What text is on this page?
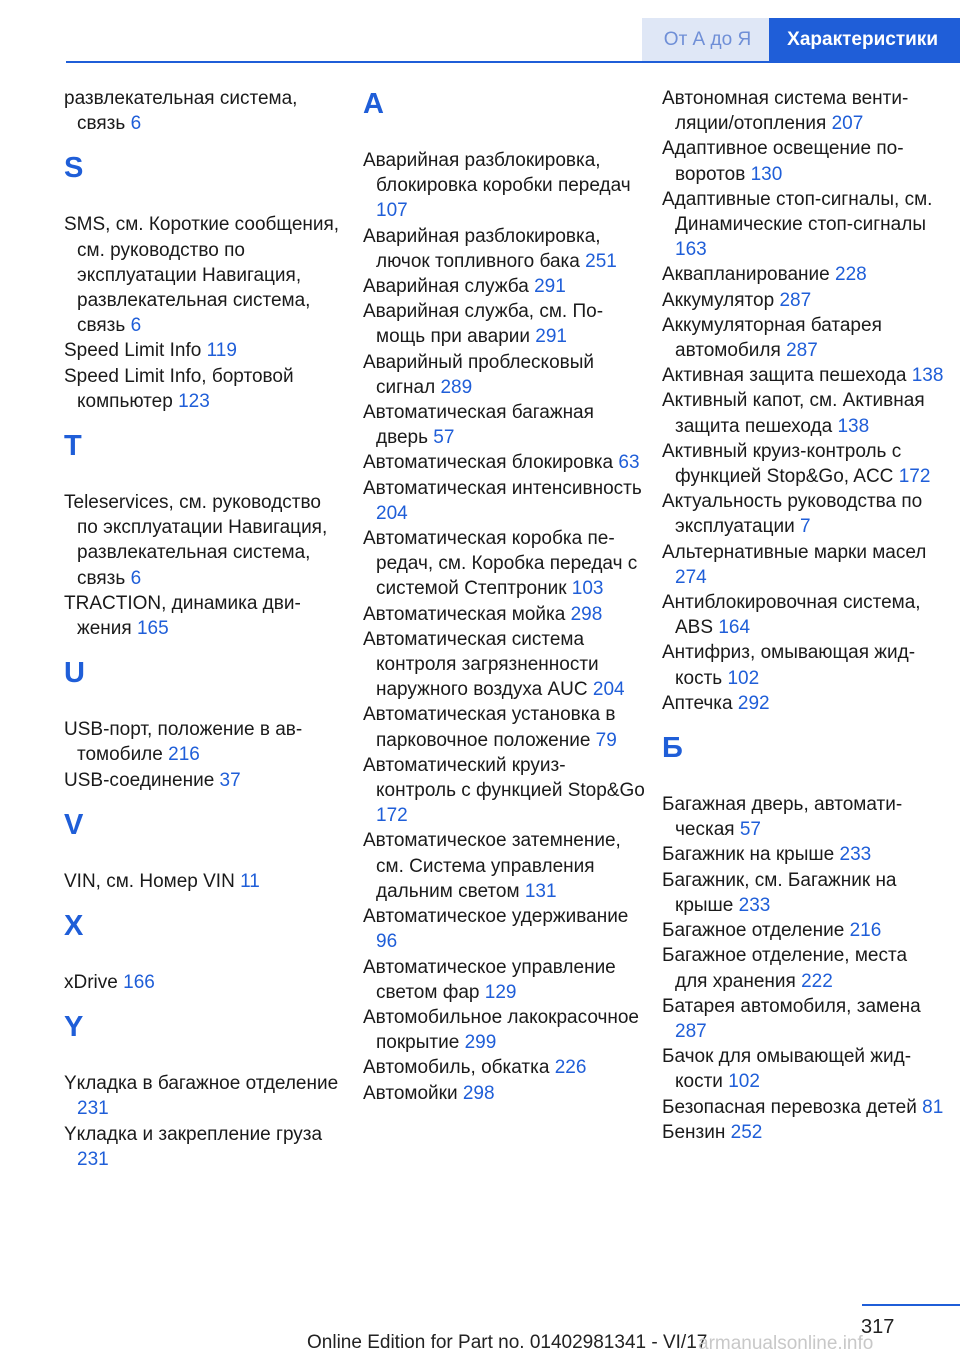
От А до Я	Характеристики

развлекательная система, связь 6

S

SMS, см. Короткие сообщения, см. руководство по эксплуатации Навигация, развлекательная система, связь 6

Speed Limit Info 119

Speed Limit Info, бортовой компьютер 123

T

Teleservices, см. руководство по эксплуатации Навигация, развлекательная система, связь 6

TRACTION, динамика движения 165

U

USB-порт, положение в автомобиле 216

USB-соединение 37

V

VIN, см. Номер VIN 11

X

xDrive 166

Y

Yкладка в багажное отделение 231

Yкладка и закрепление груза 231

А

Аварийная разблокировка, блокировка коробки передач 107

Аварийная разблокировка, лючок топливного бака 251

Аварийная служба 291

Аварийная служба, см. Помощь при аварии 291

Аварийный проблесковый сигнал 289

Автоматическая багажная дверь 57

Автоматическая блокировка 63

Автоматическая интенсивность 204

Автоматическая коробка передач, см. Коробка передач с системой Стептроник 103

Автоматическая мойка 298

Автоматическая система контроля загрязненности наружного воздуха AUC 204

Автоматическая установка в парковочное положение 79

Автоматический круиз-контроль с функцией Stop&Go 172

Автоматическое затемнение, см. Система управления дальним светом 131

Автоматическое удерживание 96

Автоматическое управление светом фар 129

Автомобильное лакокрасочное покрытие 299

Автомобиль, обкатка 226

Автомойки 298

Автономная система вентиляции/отопления 207

Адаптивное освещение поворотов 130

Адаптивные стоп-сигналы, см. Динамические стоп-сигналы 163

Аквапланирование 228

Аккумулятор 287

Аккумуляторная батарея автомобиля 287

Активная защита пешехода 138

Активный капот, см. Активная защита пешехода 138

Активный круиз-контроль с функцией Stop&Go, ACC 172

Актуальность руководства по эксплуатации 7

Альтернативные марки масел 274

Антиблокировочная система, ABS 164

Антифриз, омывающая жидкость 102

Аптечка 292

Б

Багажная дверь, автоматическая 57

Багажник на крыше 233

Багажник, см. Багажник на крыше 233

Багажное отделение 216

Багажное отделение, места для хранения 222

Батарея автомобиля, замена 287

Бачок для омывающей жидкости 102

Безопасная перевозка детей 81

Бензин 252

317
Online Edition for Part no. 01402981341 - VI/17
armanualsonline.info
